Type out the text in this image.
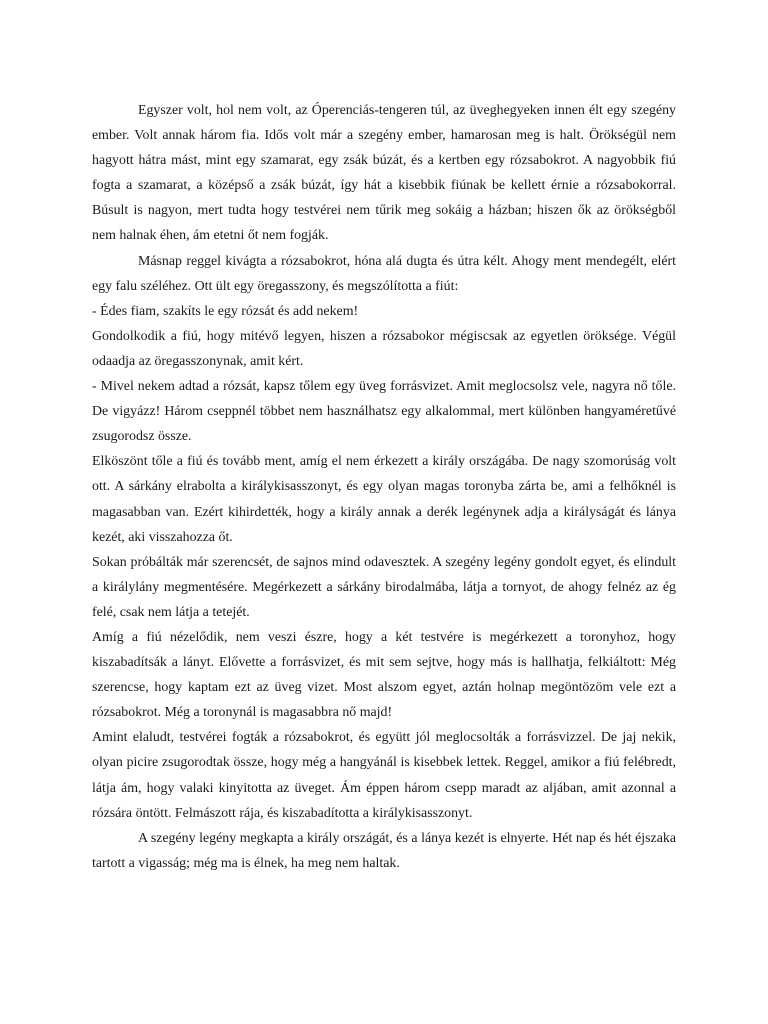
Egyszer volt, hol nem volt, az Óperenciás-tengeren túl, az üveghegyeken innen élt egy szegény ember. Volt annak három fia. Idős volt már a szegény ember, hamarosan meg is halt. Örökségül nem hagyott hátra mást, mint egy szamarat, egy zsák búzát, és a kertben egy rózsabokrot. A nagyobbik fiú fogta a szamarat, a középső a zsák búzát, így hát a kisebbik fiúnak be kellett érnie a rózsabokorral. Búsult is nagyon, mert tudta hogy testvérei nem tűrik meg sokáig a házban; hiszen ők az örökségből nem halnak éhen, ám etetni őt nem fogják.

Másnap reggel kivágta a rózsabokrot, hóna alá dugta és útra kélt. Ahogy ment mendegélt, elért egy falu széléhez. Ott ült egy öregasszony, és megszólította a fiút:

- Édes fiam, szakíts le egy rózsát és add nekem!

Gondolkodik a fiú, hogy mitévő legyen, hiszen a rózsabokor mégiscsak az egyetlen öröksége. Végül odaadja az öregasszonynak, amit kért.

- Mivel nekem adtad a rózsát, kapsz tőlem egy üveg forrásvizet. Amit meglocsolsz vele, nagyra nő tőle. De vigyázz! Három cseppnél többet nem használhatsz egy alkalommal, mert különben hangyaméretűvé zsugorodsz össze.

Elköszönt tőle a fiú és tovább ment, amíg el nem érkezett a király országába. De nagy szomorúság volt ott. A sárkány elrabolta a királykisasszonyt, és egy olyan magas toronyba zárta be, ami a felhőknél is magasabban van. Ezért kihirdették, hogy a király annak a derék legénynek adja a királyságát és lánya kezét, aki visszahozza őt.

Sokan próbálták már szerencsét, de sajnos mind odavesztek. A szegény legény gondolt egyet, és elindult a királylány megmentésére. Megérkezett a sárkány birodalmába, látja a tornyot, de ahogy felnéz az ég felé, csak nem látja a tetejét.

Amíg a fiú nézelődik, nem veszi észre, hogy a két testvére is megérkezett a toronyhoz, hogy kiszabadítsák a lányt. Elővette a forrásvizet, és mit sem sejtve, hogy más is hallhatja, felkiáltott: Még szerencse, hogy kaptam ezt az üveg vizet. Most alszom egyet, aztán holnap megöntözöm vele ezt a rózsabokrot. Még a toronynál is magasabbra nő majd!

Amint elaludt, testvérei fogták a rózsabokrot, és együtt jól meglocsolták a forrásvizzel. De jaj nekik, olyan picire zsugorodtak össze, hogy még a hangyánál is kisebbek lettek. Reggel, amikor a fiú felébredt, látja ám, hogy valaki kinyitotta az üveget. Ám éppen három csepp maradt az aljában, amit azonnal a rózsára öntött. Felmászott rája, és kiszabadította a királykisasszonyt.

A szegény legény megkapta a király országát, és a lánya kezét is elnyerte. Hét nap és hét éjszaka tartott a vigasság; még ma is élnek, ha meg nem haltak.
